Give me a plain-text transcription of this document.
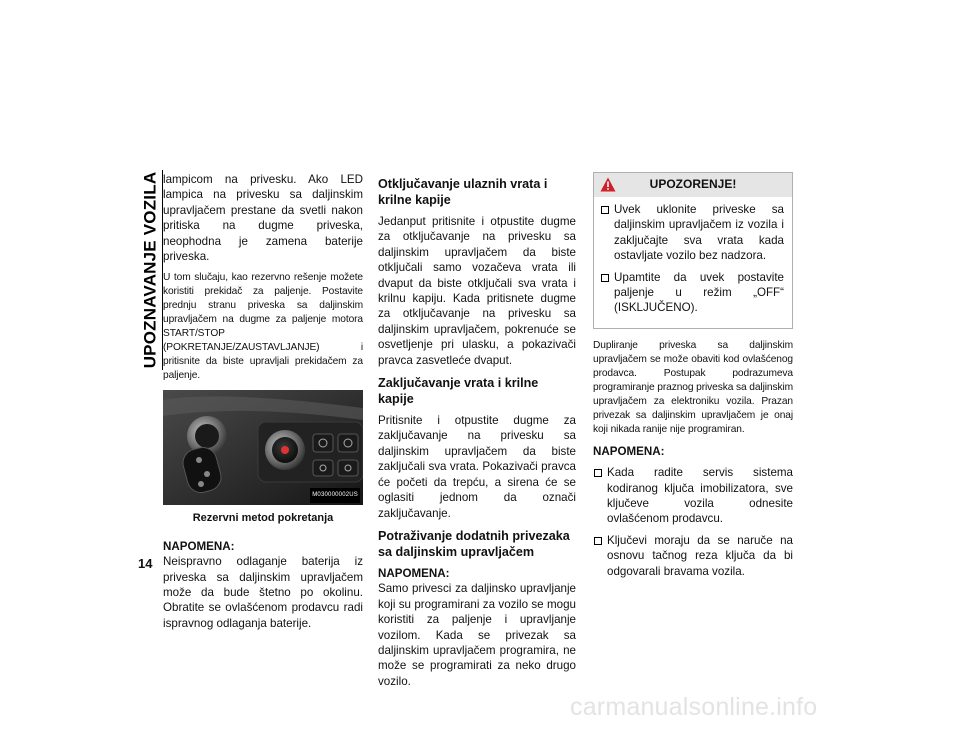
UPOZNAVANJE VOZILA
14

lampicom na privesku. Ako LED lampica na privesku sa daljinskim upravljačem prestane da svetli nakon pritiska na dugme priveska, neophodna je zamena baterije priveska.

U tom slučaju, kao rezervno rešenje možete koristiti prekidač za paljenje. Postavite prednju stranu priveska sa daljinskim upravljačem na dugme za paljenje motora START/STOP (POKRETANJE/ZAUSTAVLJANJE) i pritisnite da biste upravljali prekidačem za paljenje.

M030000002US
Rezervni metod pokretanja

NAPOMENA:

Neispravno odlaganje baterija iz priveska sa daljinskim upravljačem može da bude štetno po okolinu. Obratite se ovlašćenom prodavcu radi ispravnog odlaganja baterije.

Otključavanje ulaznih vrata i krilne kapije

Jedanput pritisnite i otpustite dugme za otključavanje na privesku sa daljinskim upravljačem da biste otključali samo vozačeva vrata ili dvaput da biste otključali sva vrata i krilnu kapiju. Kada pritisnete dugme za otključavanje na privesku sa daljinskim upravljačem, pokrenuće se osvetljenje pri ulasku, a pokazivači pravca zasvetleće dvaput.

Zaključavanje vrata i krilne kapije

Pritisnite i otpustite dugme za zaključavanje na privesku sa daljinskim upravljačem da biste zaključali sva vrata. Pokazivači pravca će početi da trepću, a sirena će se oglasiti jednom da označi zaključavanje.

Potraživanje dodatnih privezaka sa daljinskim upravljačem

NAPOMENA:

Samo privesci za daljinsko upravljanje koji su programirani za vozilo se mogu koristiti za paljenje i upravljanje vozilom. Kada se privezak sa daljinskim upravljačem programira, ne može se programirati za neko drugo vozilo.

UPOZORENJE!
Uvek uklonite priveske sa daljinskim upravljačem iz vozila i zaključajte sva vrata kada ostavljate vozilo bez nadzora.
Upamtite da uvek postavite paljenje u režim „OFF“ (ISKLJUČENO).

Dupliranje priveska sa daljinskim upravljačem se može obaviti kod ovlašćenog prodavca. Postupak podrazumeva programiranje praznog priveska sa daljinskim upravljačem za elektroniku vozila. Prazan privezak sa daljinskim upravljačem je onaj koji nikada ranije nije programiran.

NAPOMENA:

Kada radite servis sistema kodiranog ključa imobilizatora, sve ključeve vozila odnesite ovlašćenom prodavcu.
Ključevi moraju da se naruče na osnovu tačnog reza ključa da bi odgovarali bravama vozila.
carmanualsonline.info
